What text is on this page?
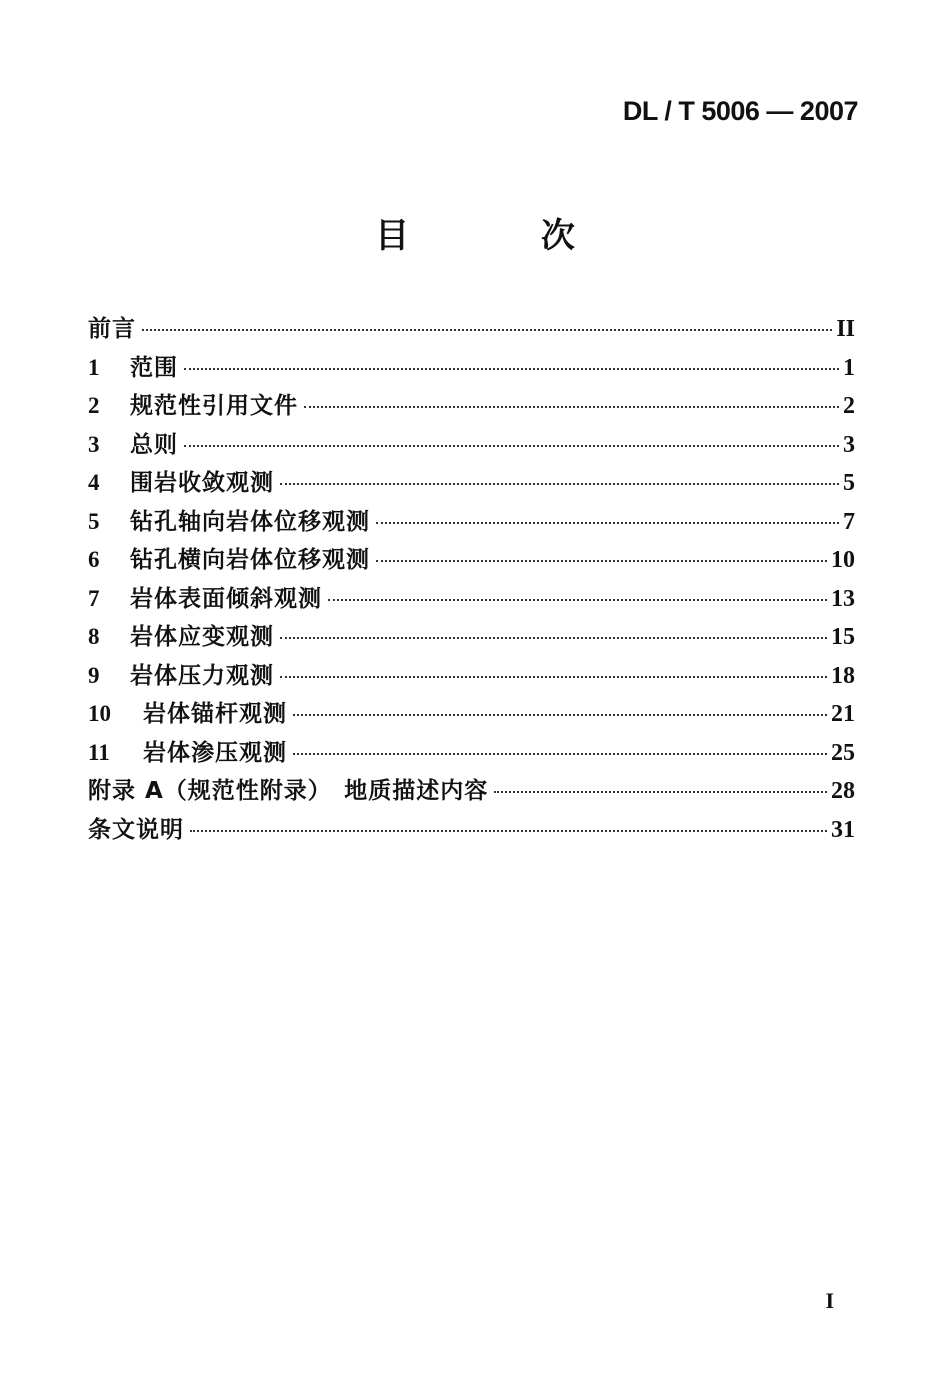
DL / T 5006 — 2007
目 次
前言	II
1	范围	1
2	规范性引用文件	2
3	总则	3
4	围岩收敛观测	5
5	钻孔轴向岩体位移观测	7
6	钻孔横向岩体位移观测	10
7	岩体表面倾斜观测	13
8	岩体应变观测	15
9	岩体压力观测	18
10	岩体锚杆观测	21
11	岩体渗压观测	25
附录 A（规范性附录）　地质描述内容	28
条文说明	31
I
